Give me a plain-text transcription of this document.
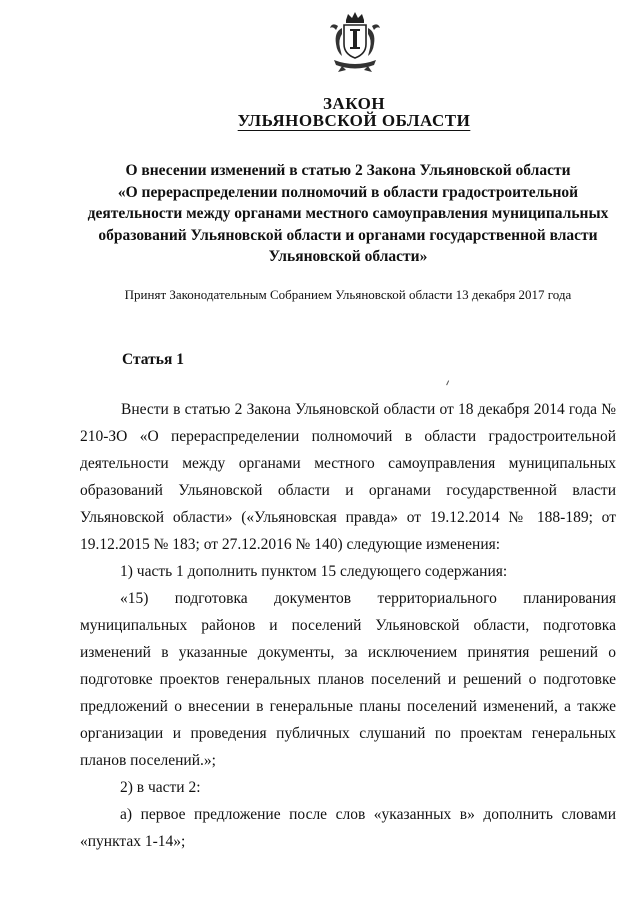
ЗАКОН
УЛЬЯНОВСКОЙ ОБЛАСТИ
О внесении изменений в статью 2 Закона Ульяновской области
«О перераспределении полномочий в области градостроительной
деятельности между органами местного самоуправления муниципальных
образований Ульяновской области и органами государственной власти
Ульяновской области»
Принят Законодательным Собранием Ульяновской области 13 декабря 2017 года
Статья 1

Внести в статью 2 Закона Ульяновской области от 18 декабря 2014 года № 210-ЗО «О перераспределении полномочий в области градостроительной деятельности между органами местного самоуправления муниципальных образований Ульяновской области и органами государственной власти Ульяновской области» («Ульяновская правда» от 19.12.2014 № 188-189; от 19.12.2015 № 183; от 27.12.2016 № 140) следующие изменения:

1) часть 1 дополнить пунктом 15 следующего содержания:

«15) подготовка документов территориального планирования муниципальных районов и поселений Ульяновской области, подготовка изменений в указанные документы, за исключением принятия решений о подготовке проектов генеральных планов поселений и решений о подготовке предложений о внесении в генеральные планы поселений изменений, а также организации и проведения публичных слушаний по проектам генеральных планов поселений.»;

2) в части 2:

а) первое предложение после слов «указанных в» дополнить словами «пунктах 1-14»;
